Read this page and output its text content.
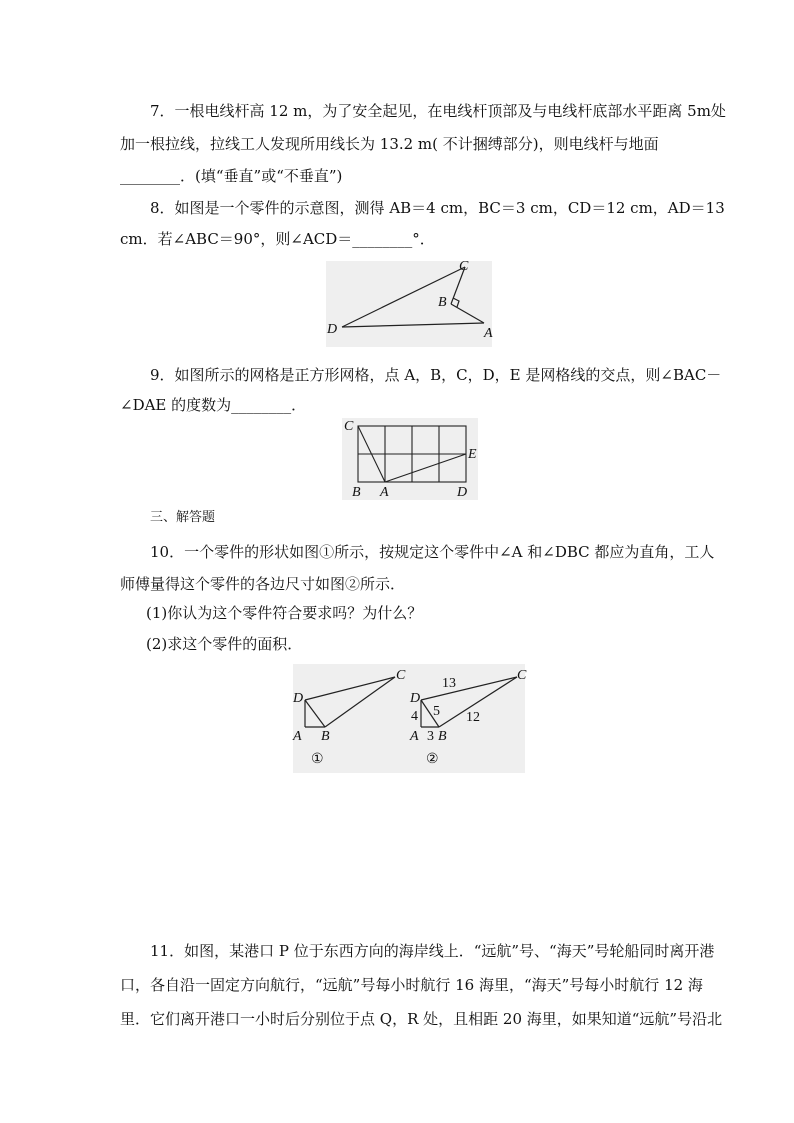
7．一根电线杆高 12 m，为了安全起见，在电线杆顶部及与电线杆底部水平距离 5m处
加一根拉线，拉线工人发现所用线长为 13.2 m( 不计捆缚部分)，则电线杆与地面
________．(填“垂直”或“不垂直”)
8．如图是一个零件的示意图，测得 AB＝4 cm，BC＝3 cm，CD＝12 cm，AD＝13
cm．若∠ABC＝90°，则∠ACD＝________°．
C
B
D	A
9．如图所示的网格是正方形网格，点 A，B，C，D，E 是网格线的交点，则∠BAC－
∠DAE 的度数为________．
C
E
B A	D
三、解答题
10．一个零件的形状如图①所示，按规定这个零件中∠A 和∠DBC 都应为直角，工人
师傅量得这个零件的各边尺寸如图②所示．
(1)你认为这个零件符合要求吗？为什么？
(2)求这个零件的面积．
D
C
A B
①
D
C
A B
13
4 5 12
3
②
11．如图，某港口 P 位于东西方向的海岸线上．“远航”号、“海天”号轮船同时离开港
口，各自沿一固定方向航行，“远航”号每小时航行 16 海里，“海天”号每小时航行 12 海
里．它们离开港口一小时后分别位于点 Q，R 处，且相距 20 海里，如果知道“远航”号沿北
